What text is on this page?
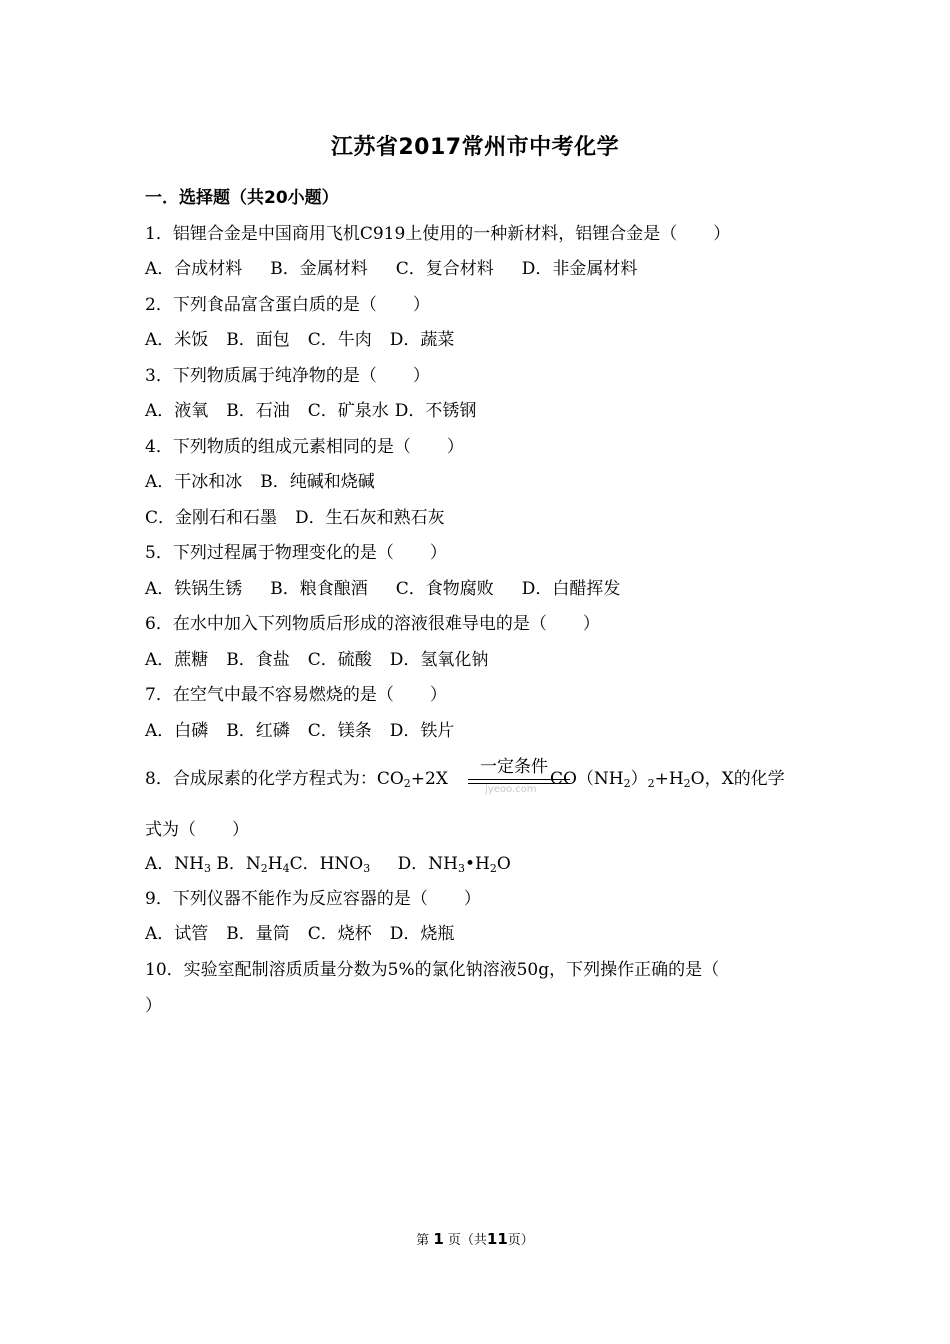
江苏省2017常州市中考化学
一．选择题（共20小题）
1．铝锂合金是中国商用飞机C919上使用的一种新材料，铝锂合金是（ ）
A．合成材料 B．金属材料 C．复合材料 D．非金属材料
2．下列食品富含蛋白质的是（ ）
A．米饭 B．面包 C．牛肉 D．蔬菜
3．下列物质属于纯净物的是（ ）
A．液氧 B．石油 C．矿泉水 D．不锈钢
4．下列物质的组成元素相同的是（ ）
A．干冰和冰 B．纯碱和烧碱
C．金刚石和石墨 D．生石灰和熟石灰
5．下列过程属于物理变化的是（ ）
A．铁锅生锈 B．粮食酿酒 C．食物腐败 D．白醋挥发
6．在水中加入下列物质后形成的溶液很难导电的是（ ）
A．蔗糖 B．食盐 C．硫酸 D．氢氧化钠
7．在空气中最不容易燃烧的是（ ）
A．白磷 B．红磷 C．镁条 D．铁片
一定条件
jyeoo.com
8．合成尿素的化学方程式为：$CO_2+2X$	$CO(NH_2)_2+H_2O$，X的化学
式为（ ）
A．$NH_3$ B．$N_2H_4C$．$HNO_3$ D．$NH_3•H_2O$
9．下列仪器不能作为反应容器的是（ ）
A．试管 B．量筒 C．烧杯 D．烧瓶
10．实验室配制溶质质量分数为5%的氯化钠溶液50g，下列操作正确的是（
）
第 1 页（共11页）
